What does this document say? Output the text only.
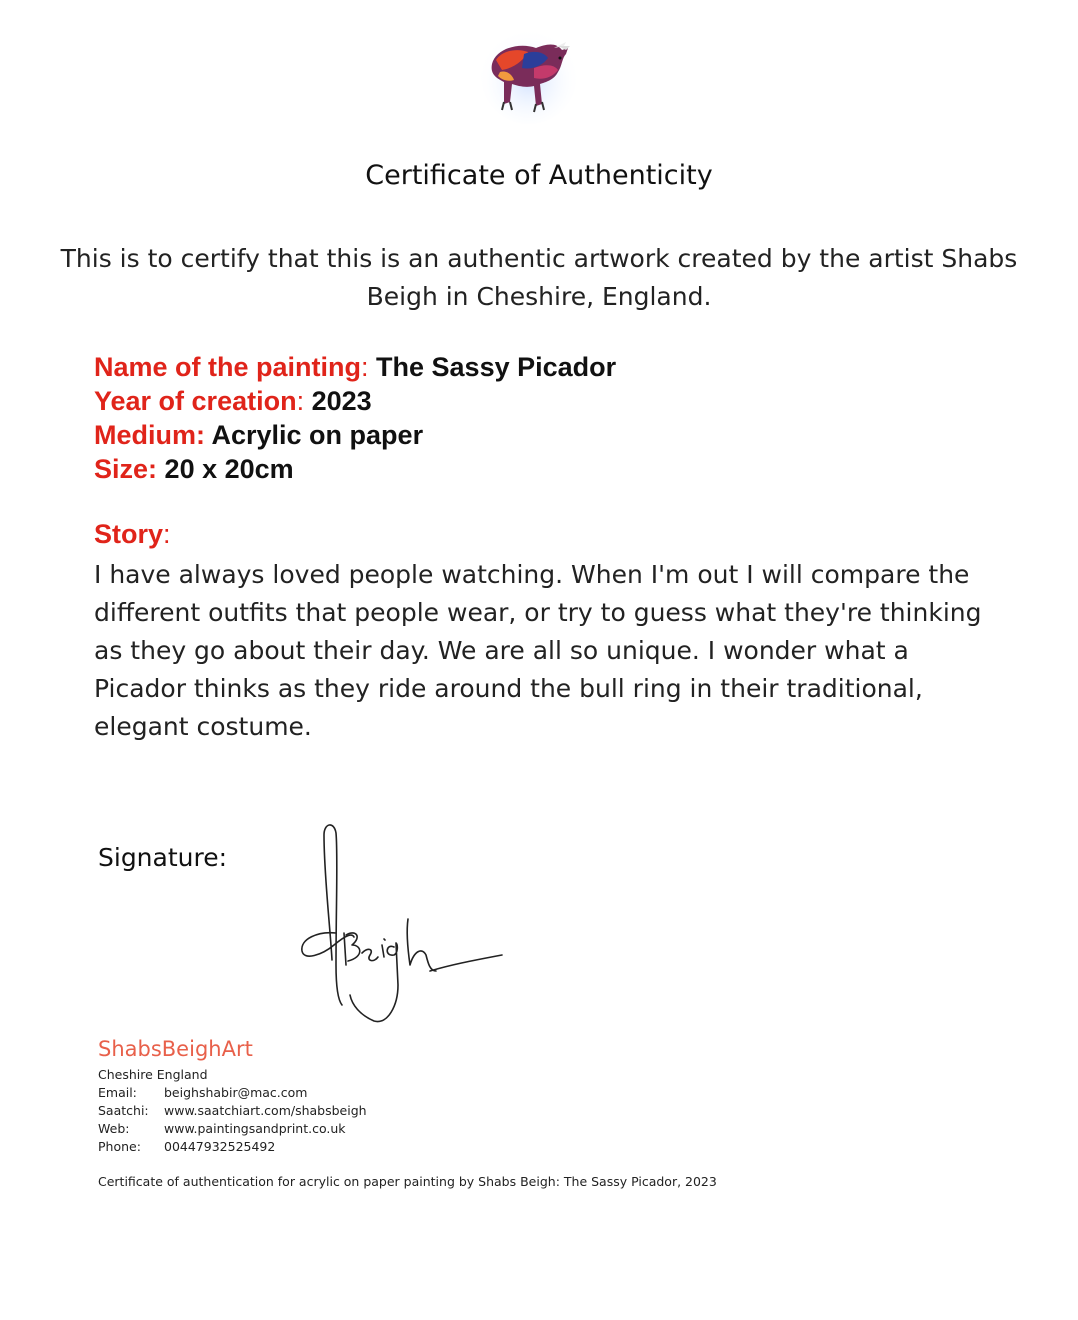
Certificate of Authenticity
This is to certify that this is an authentic artwork created by the artist Shabs Beigh in Cheshire, England.
Name of the painting: The Sassy Picador
Year of creation: 2023
Medium: Acrylic on paper
Size: 20 x 20cm
Story:
I have always loved people watching. When I'm out I will compare the different outfits that people wear, or try to guess what they're thinking as they go about their day. We are all so unique. I wonder what a Picador thinks as they ride around the bull ring in their traditional, elegant costume.
Signature:
ShabsBeighArt
Cheshire England
Email:	beighshabir@mac.com
Saatchi:	www.saatchiart.com/shabsbeigh
Web:	www.paintingsandprint.co.uk
Phone:	00447932525492
Certificate of authentication for acrylic on paper painting by Shabs Beigh: The Sassy Picador, 2023
